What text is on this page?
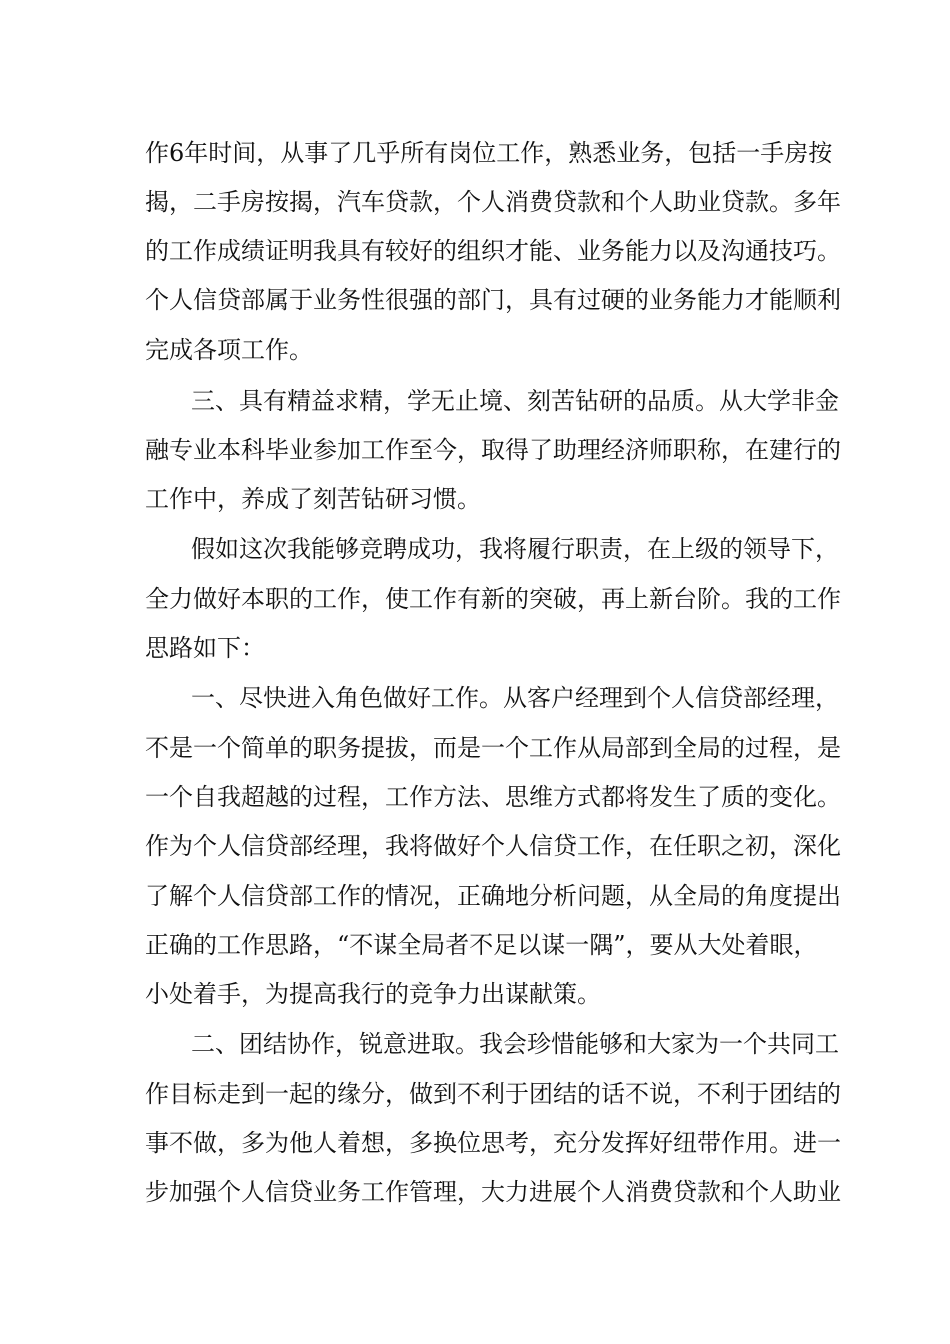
作6年时间，从事了几乎所有岗位工作，熟悉业务，包括一手房按
揭，二手房按揭，汽车贷款，个人消费贷款和个人助业贷款。多年
的工作成绩证明我具有较好的组织才能、业务能力以及沟通技巧。
个人信贷部属于业务性很强的部门，具有过硬的业务能力才能顺利
完成各项工作。
三、具有精益求精，学无止境、刻苦钻研的品质。从大学非金
融专业本科毕业参加工作至今，取得了助理经济师职称，在建行的
工作中，养成了刻苦钻研习惯。
假如这次我能够竞聘成功，我将履行职责，在上级的领导下，
全力做好本职的工作，使工作有新的突破，再上新台阶。我的工作
思路如下：
一、尽快进入角色做好工作。从客户经理到个人信贷部经理，
不是一个简单的职务提拔，而是一个工作从局部到全局的过程，是
一个自我超越的过程，工作方法、思维方式都将发生了质的变化。
作为个人信贷部经理，我将做好个人信贷工作，在任职之初，深化
了解个人信贷部工作的情况，正确地分析问题，从全局的角度提出
正确的工作思路，“不谋全局者不足以谋一隅”，要从大处着眼，
小处着手，为提高我行的竞争力出谋献策。
二、团结协作，锐意进取。我会珍惜能够和大家为一个共同工
作目标走到一起的缘分，做到不利于团结的话不说，不利于团结的
事不做，多为他人着想，多换位思考，充分发挥好纽带作用。进一
步加强个人信贷业务工作管理，大力进展个人消费贷款和个人助业
